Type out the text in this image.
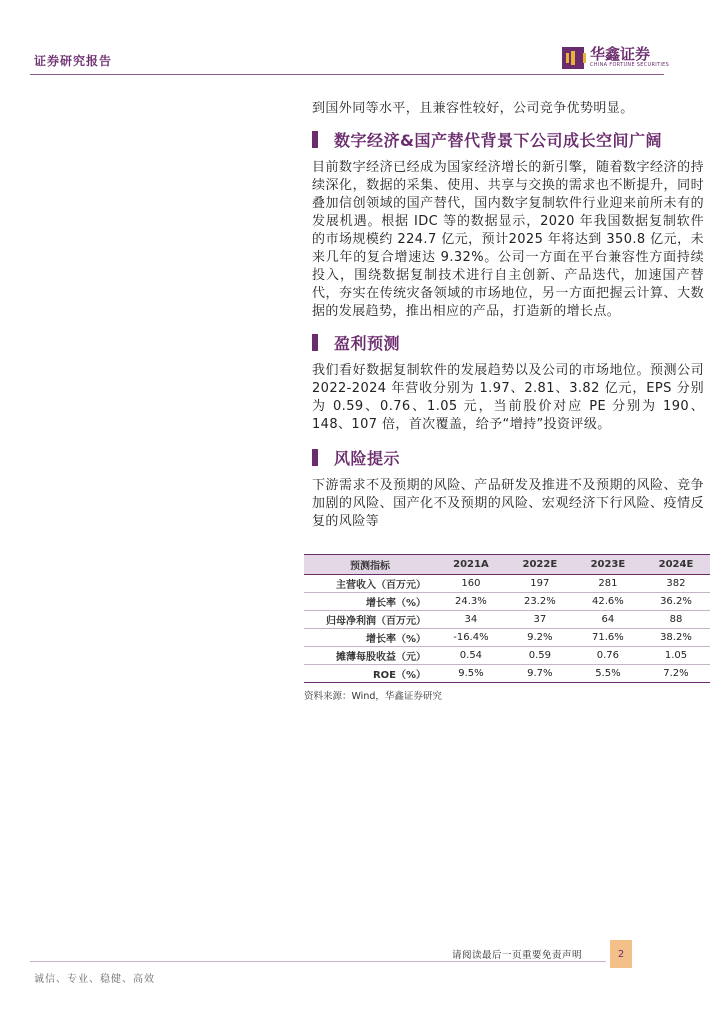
证券研究报告	华鑫证券
CHINA FORTUNE SECURITIES

到国外同等水平，且兼容性较好，公司竞争优势明显。

数字经济&国产替代背景下公司成长空间广阔

目前数字经济已经成为国家经济增长的新引擎，随着数字经济的持续深化，数据的采集、使用、共享与交换的需求也不断提升，同时叠加信创领域的国产替代，国内数字复制软件行业迎来前所未有的发展机遇。根据 IDC 等的数据显示，2020 年我国数据复制软件的市场规模约 224.7 亿元，预计2025 年将达到 350.8 亿元，未来几年的复合增速达 9.32%。公司一方面在平台兼容性方面持续投入，围绕数据复制技术进行自主创新、产品迭代，加速国产替代，夯实在传统灾备领域的市场地位，另一方面把握云计算、大数据的发展趋势，推出相应的产品，打造新的增长点。

盈利预测

我们看好数据复制软件的发展趋势以及公司的市场地位。预测公司 2022-2024 年营收分别为 1.97、2.81、3.82 亿元，EPS 分别为 0.59、0.76、1.05 元，当前股价对应 PE 分别为 190、148、107 倍，首次覆盖，给予“增持”投资评级。

风险提示

下游需求不及预期的风险、产品研发及推进不及预期的风险、竞争加剧的风险、国产化不及预期的风险、宏观经济下行风险、疫情反复的风险等

预测指标	2021A	2022E	2023E	2024E
主营收入（百万元）	160	197	281	382
增长率（%）	24.3%	23.2%	42.6%	36.2%
归母净利润（百万元）	34	37	64	88
增长率（%）	-16.4%	9.2%	71.6%	38.2%
摊薄每股收益（元）	0.54	0.59	0.76	1.05
ROE（%）	9.5%	9.7%	5.5%	7.2%
资料来源：Wind，华鑫证券研究
请阅读最后一页重要免责声明	2
诚信、专业、稳健、高效
